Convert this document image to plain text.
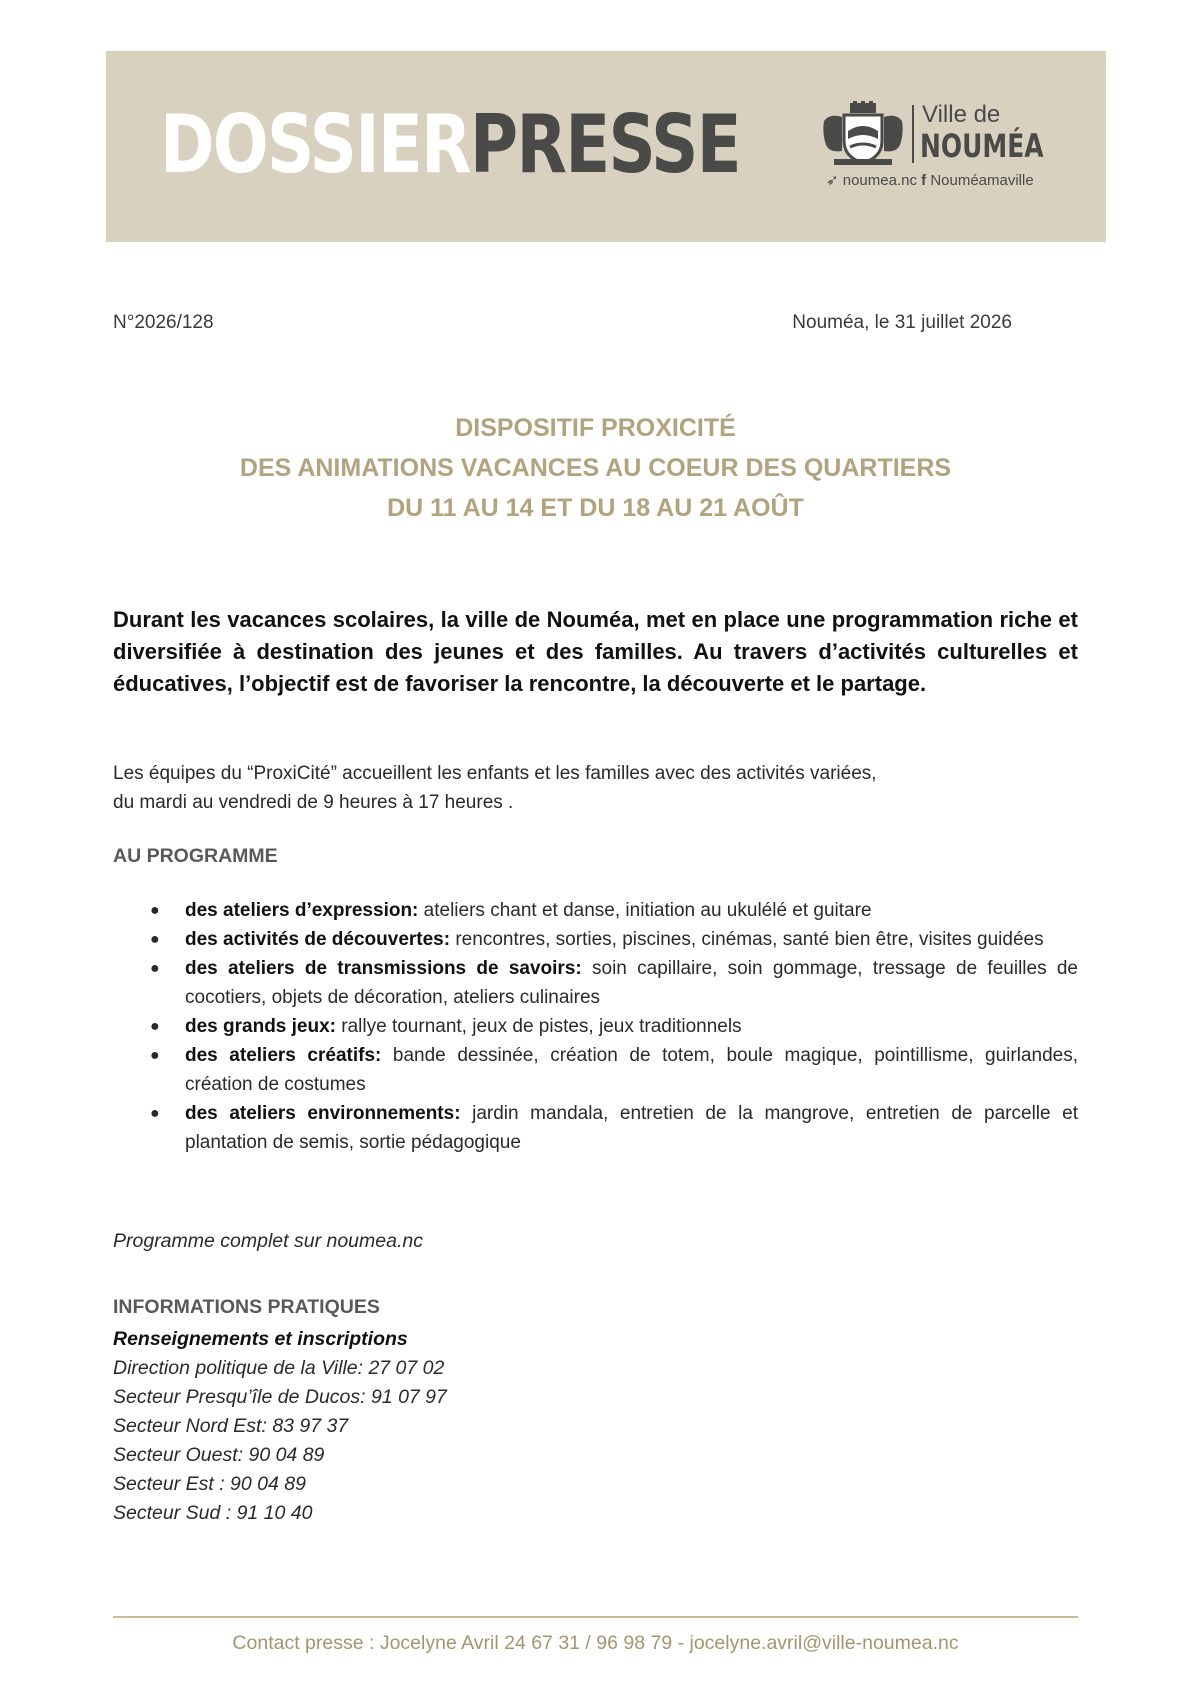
DOSSIERPRESSE	Ville de
NOUMÉA
➶ noumea.nc f Nouméamaville
N°2026/128	Nouméa, le 31 juillet 2026
DISPOSITIF PROXICITÉ
DES ANIMATIONS VACANCES AU COEUR DES QUARTIERS
DU 11 AU 14 ET DU 18 AU 21 AOÛT

Durant les vacances scolaires, la ville de Nouméa, met en place une programmation riche et diversifiée à destination des jeunes et des familles. Au travers d’activités culturelles et éducatives, l’objectif est de favoriser la rencontre, la découverte et le partage.

Les équipes du “ProxiCité” accueillent les enfants et les familles avec des activités variées,
du mardi au vendredi de 9 heures à 17 heures .
AU PROGRAMME
● des ateliers d’expression: ateliers chant et danse, initiation au ukulélé et guitare
● des activités de découvertes: rencontres, sorties, piscines, cinémas, santé bien être, visites guidées
● des ateliers de transmissions de savoirs: soin capillaire, soin gommage, tressage de feuilles de cocotiers, objets de décoration, ateliers culinaires
● des grands jeux: rallye tournant, jeux de pistes, jeux traditionnels
● des ateliers créatifs: bande dessinée, création de totem, boule magique, pointillisme, guirlandes, création de costumes
● des ateliers environnements: jardin mandala, entretien de la mangrove, entretien de parcelle et plantation de semis, sortie pédagogique
Programme complet sur noumea.nc
INFORMATIONS PRATIQUES
Renseignements et inscriptions
Direction politique de la Ville: 27 07 02
Secteur Presqu’île de Ducos: 91 07 97
Secteur Nord Est: 83 97 37
Secteur Ouest: 90 04 89
Secteur Est : 90 04 89
Secteur Sud : 91 10 40
Contact presse : Jocelyne Avril 24 67 31 / 96 98 79 - jocelyne.avril@ville-noumea.nc
